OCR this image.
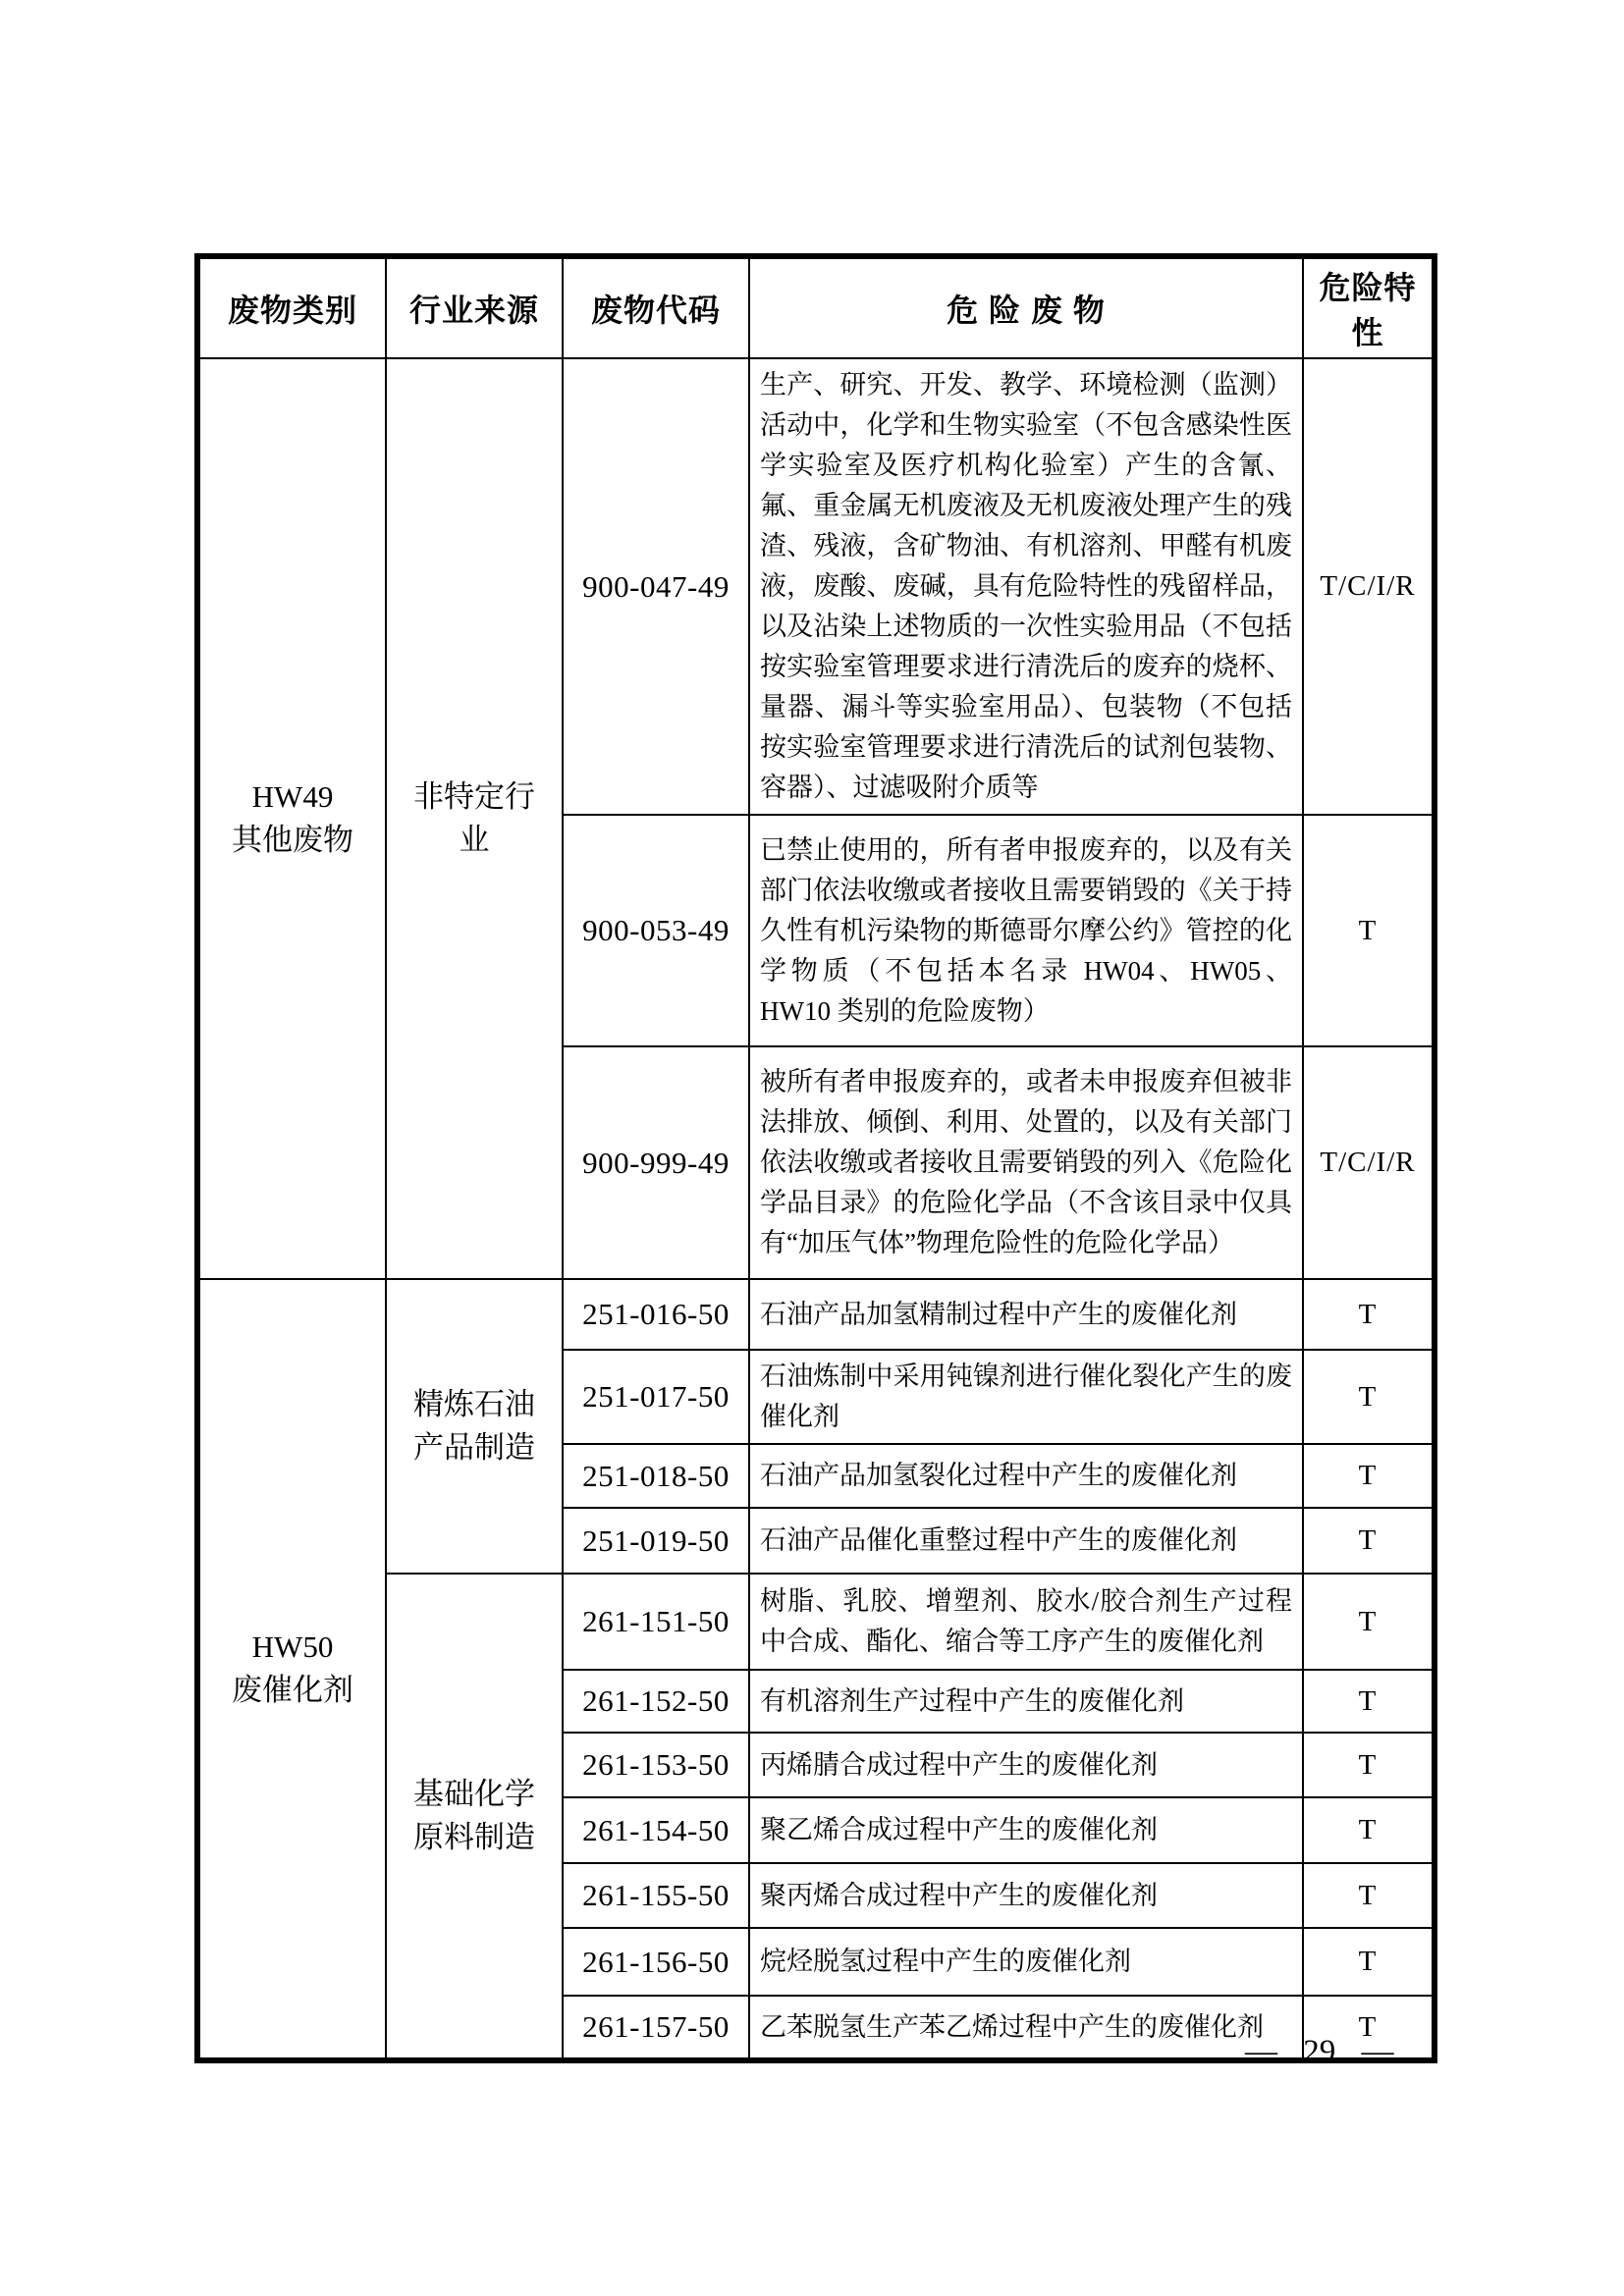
废物类别	行业来源	废物代码	危 险 废 物	危险特性

HW49
其他废物	非特定行业	900-047-49	生产、研究、开发、教学、环境检测（监测）活动中，化学和生物实验室（不包含感染性医学实验室及医疗机构化验室）产生的含氰、氟、重金属无机废液及无机废液处理产生的残渣、残液，含矿物油、有机溶剂、甲醛有机废液，废酸、废碱，具有危险特性的残留样品，以及沾染上述物质的一次性实验用品（不包括按实验室管理要求进行清洗后的废弃的烧杯、量器、漏斗等实验室用品）、包装物（不包括按实验室管理要求进行清洗后的试剂包装物、容器）、过滤吸附介质等	T/C/I/R
		900-053-49	已禁止使用的，所有者申报废弃的，以及有关部门依法收缴或者接收且需要销毁的《关于持久性有机污染物的斯德哥尔摩公约》管控的化学物质（不包括本名录 HW04、HW05、HW10 类别的危险废物）	T
		900-999-49	被所有者申报废弃的，或者未申报废弃但被非法排放、倾倒、利用、处置的，以及有关部门依法收缴或者接收且需要销毁的列入《危险化学品目录》的危险化学品（不含该目录中仅具有“加压气体”物理危险性的危险化学品）	T/C/I/R

HW50
废催化剂	精炼石油产品制造	251-016-50	石油产品加氢精制过程中产生的废催化剂	T
		251-017-50	石油炼制中采用钝镍剂进行催化裂化产生的废催化剂	T
		251-018-50	石油产品加氢裂化过程中产生的废催化剂	T
		251-019-50	石油产品催化重整过程中产生的废催化剂	T
	基础化学原料制造	261-151-50	树脂、乳胶、增塑剂、胶水/胶合剂生产过程中合成、酯化、缩合等工序产生的废催化剂	T
		261-152-50	有机溶剂生产过程中产生的废催化剂	T
		261-153-50	丙烯腈合成过程中产生的废催化剂	T
		261-154-50	聚乙烯合成过程中产生的废催化剂	T
		261-155-50	聚丙烯合成过程中产生的废催化剂	T
		261-156-50	烷烃脱氢过程中产生的废催化剂	T
		261-157-50	乙苯脱氢生产苯乙烯过程中产生的废催化剂	T
— 29 —
